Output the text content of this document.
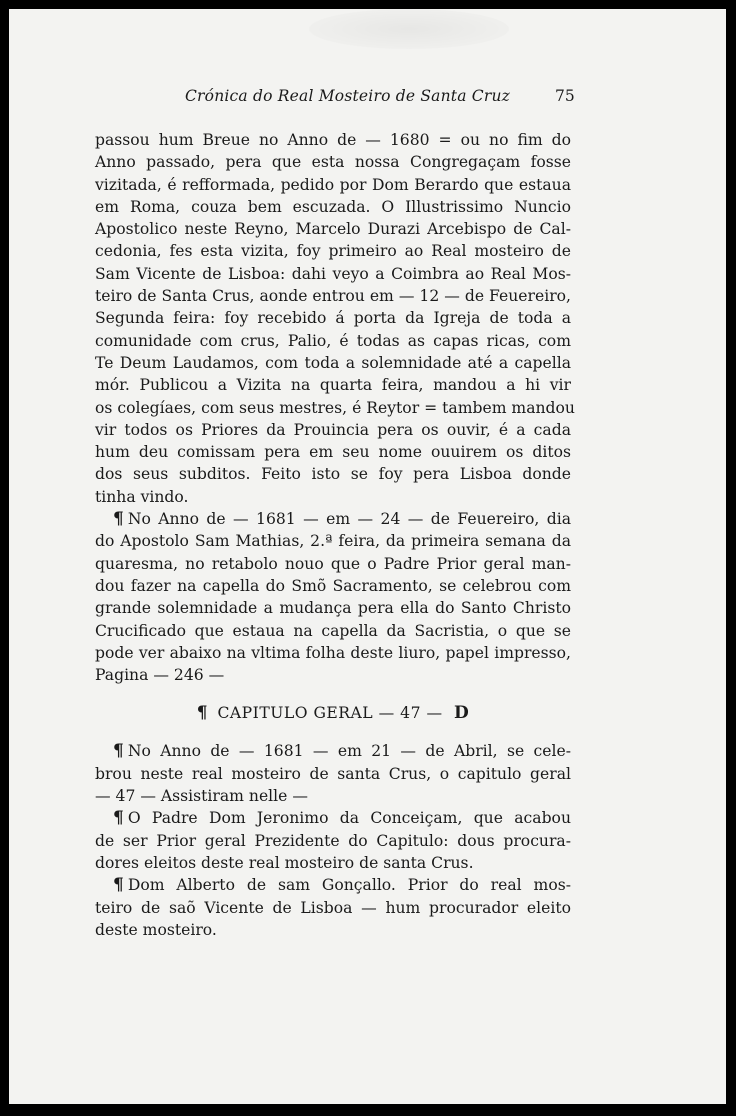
Crónica do Real Mosteiro de Santa Cruz	75
passou hum Breue no Anno de — 1680 = ou no fim do
Anno passado, pera que esta nossa Congregaçam fosse
vizitada, é refformada, pedido por Dom Berardo que estaua
em Roma, couza bem escuzada. O Illustrissimo Nuncio
Apostolico neste Reyno, Marcelo Durazi Arcebispo de Cal-
cedonia, fes esta vizita, foy primeiro ao Real mosteiro de
Sam Vicente de Lisboa: dahi veyo a Coimbra ao Real Mos-
teiro de Santa Crus, aonde entrou em — 12 — de Feuereiro,
Segunda feira: foy recebido á porta da Igreja de toda a
comunidade com crus, Palio, é todas as capas ricas, com
Te Deum Laudamos, com toda a solemnidade até a capella
mór. Publicou a Vizita na quarta feira, mandou a hi vir
os colegíaes, com seus mestres, é Reytor = tambem mandou
vir todos os Priores da Prouincia pera os ouvir, é a cada
hum deu comissam pera em seu nome ouuirem os ditos
dos seus subditos. Feito isto se foy pera Lisboa donde
tinha vindo.
¶ No Anno de — 1681 — em — 24 — de Feuereiro, dia
do Apostolo Sam Mathias, 2.ª feira, da primeira semana da
quaresma, no retabolo nouo que o Padre Prior geral man-
dou fazer na capella do Smõ Sacramento, se celebrou com
grande solemnidade a mudança pera ella do Santo Christo
Crucificado que estaua na capella da Sacristia, o que se
pode ver abaixo na vltima folha deste liuro, papel impresso,
Pagina — 246 —
¶ CAPITULO GERAL — 47 — D
¶ No Anno de — 1681 — em 21 — de Abril, se cele-
brou neste real mosteiro de santa Crus, o capitulo geral
— 47 — Assistiram nelle —
¶ O Padre Dom Jeronimo da Conceiçam, que acabou
de ser Prior geral Prezidente do Capitulo: dous procura-
dores eleitos deste real mosteiro de santa Crus.
¶ Dom Alberto de sam Gonçallo. Prior do real mos-
teiro de saõ Vicente de Lisboa — hum procurador eleito
deste mosteiro.
